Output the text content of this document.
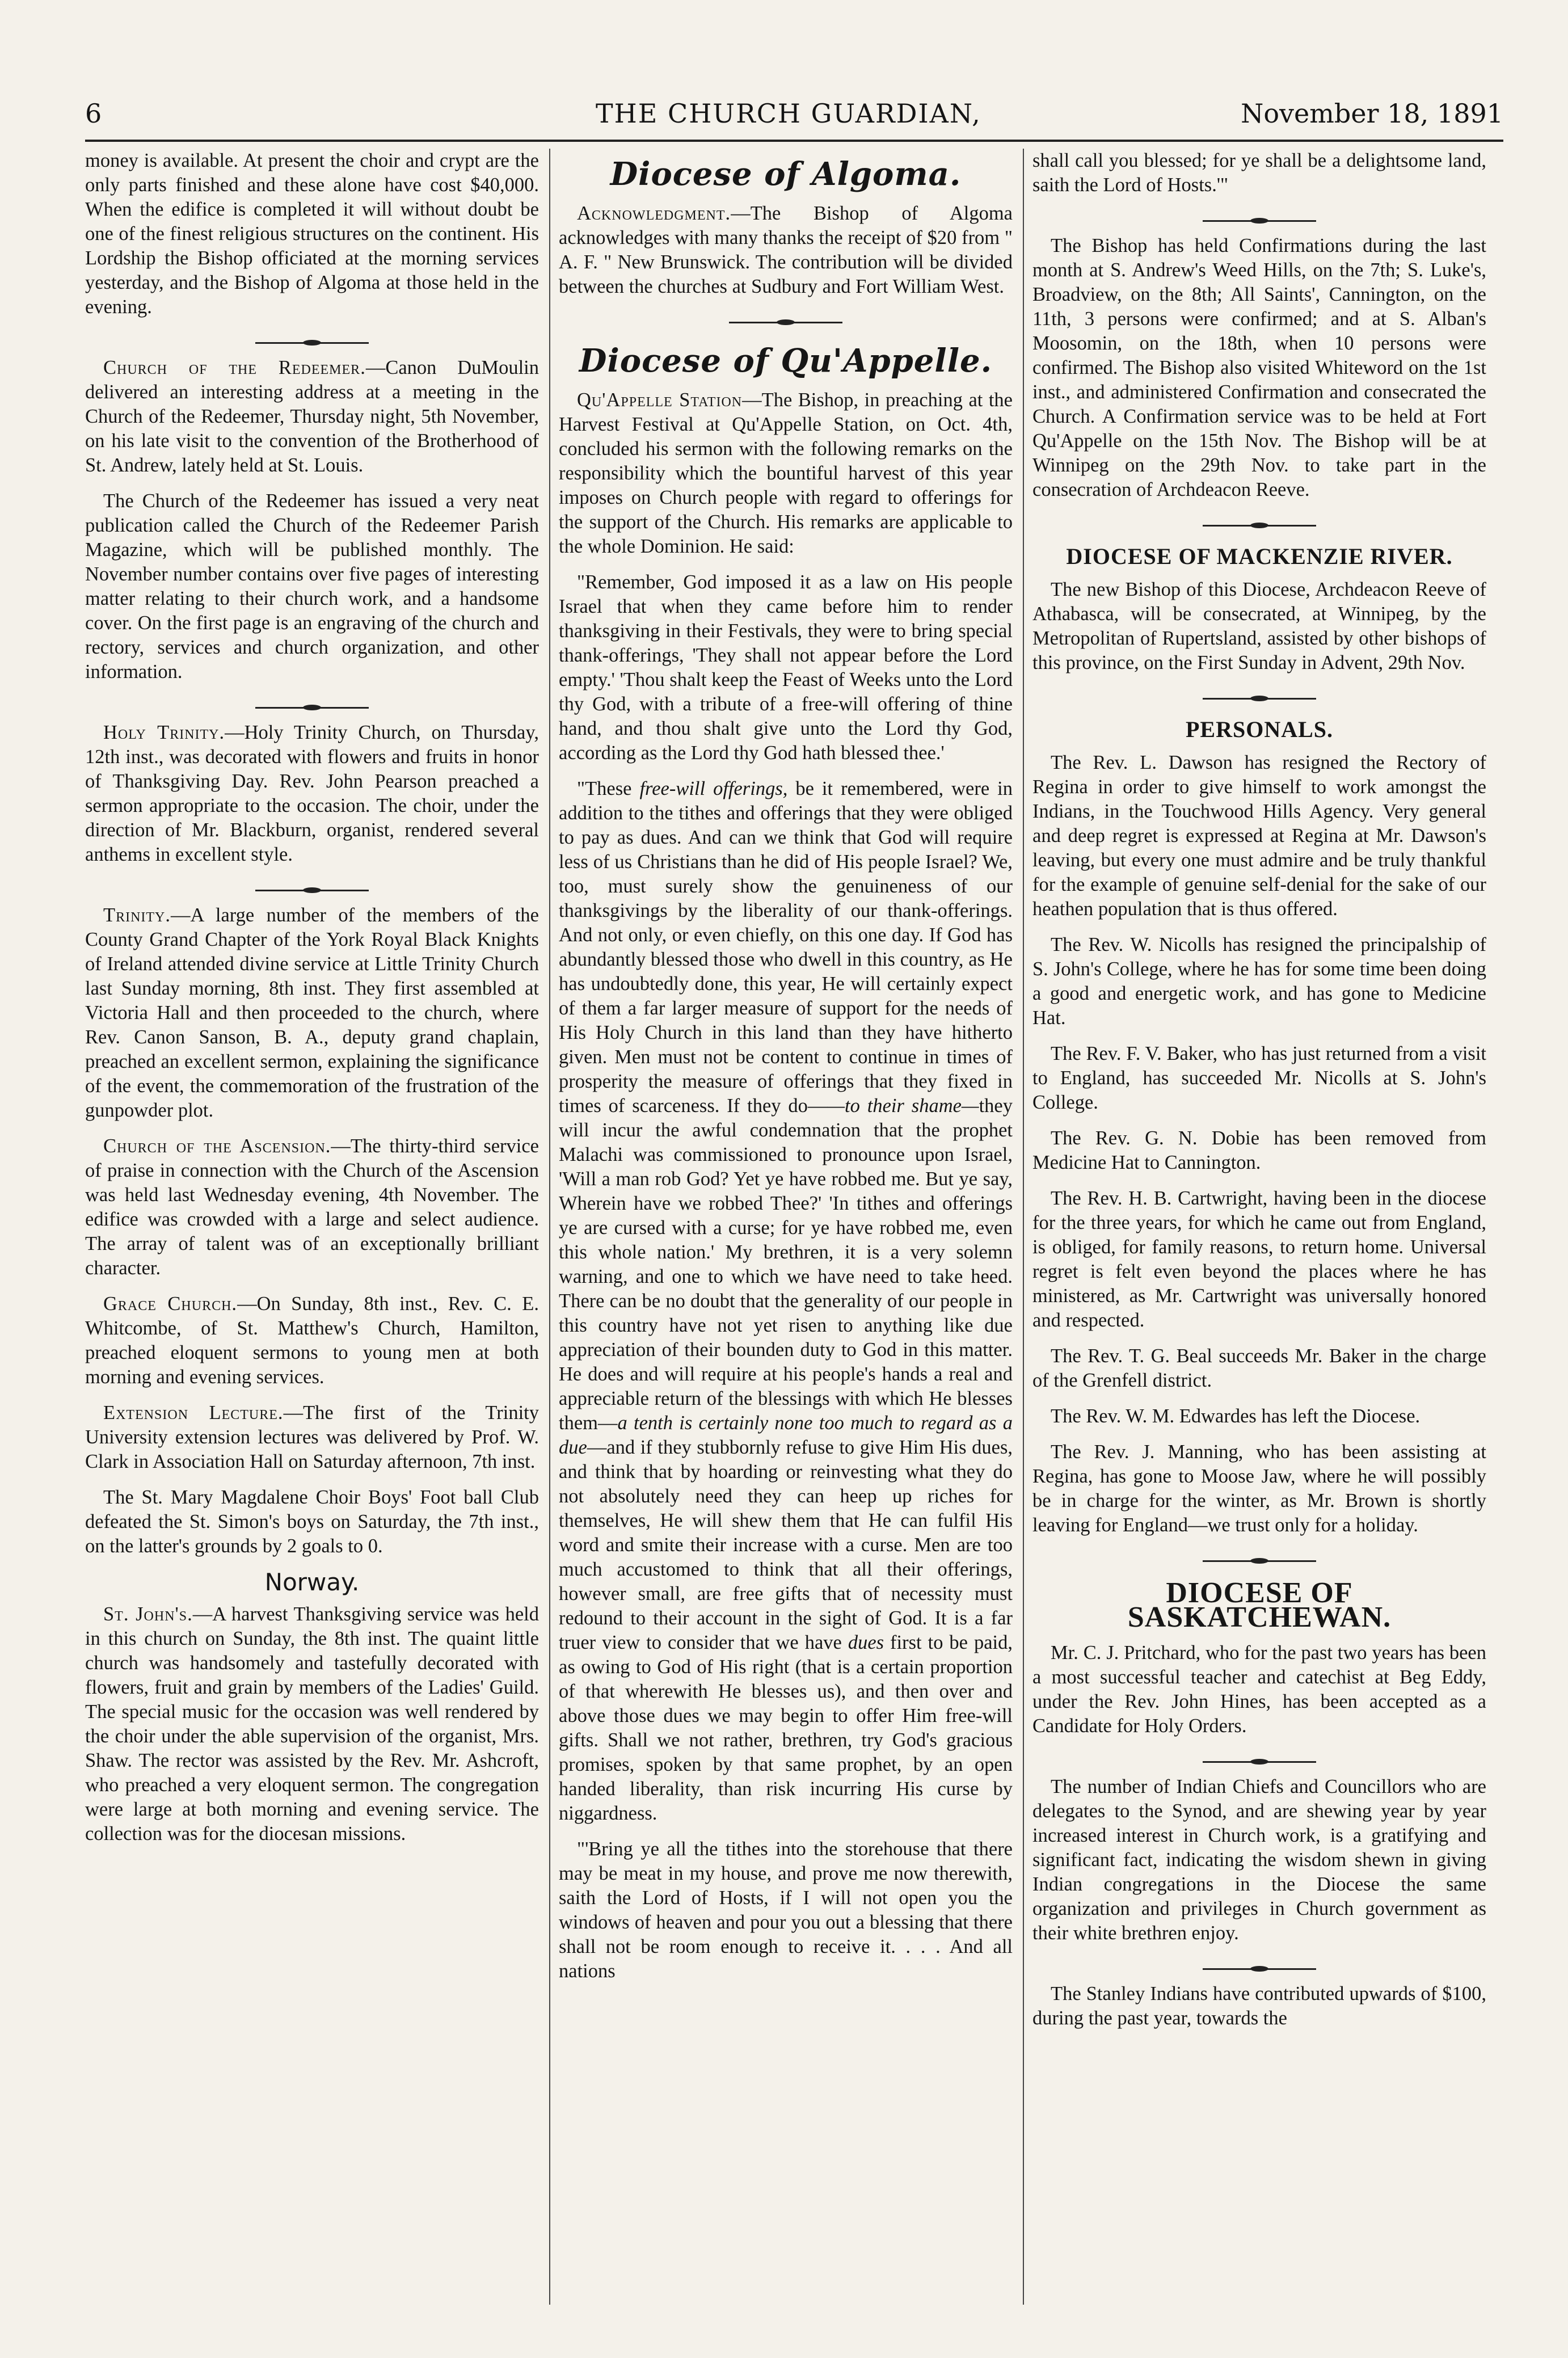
6	THE CHURCH GUARDIAN,	November 18, 1891

money is available. At present the choir and crypt are the only parts finished and these alone have cost $40,000. When the edifice is completed it will without doubt be one of the finest religious structures on the continent. His Lordship the Bishop officiated at the morning services yesterday, and the Bishop of Algoma at those held in the evening.

Church of the Redeemer.—Canon DuMoulin delivered an interesting address at a meeting in the Church of the Redeemer, Thursday night, 5th November, on his late visit to the convention of the Brotherhood of St. Andrew, lately held at St. Louis.

The Church of the Redeemer has issued a very neat publication called the Church of the Redeemer Parish Magazine, which will be published monthly. The November number contains over five pages of interesting matter relating to their church work, and a handsome cover. On the first page is an engraving of the church and rectory, services and church organization, and other information.

Holy Trinity.—Holy Trinity Church, on Thursday, 12th inst., was decorated with flowers and fruits in honor of Thanksgiving Day. Rev. John Pearson preached a sermon appropriate to the occasion. The choir, under the direction of Mr. Blackburn, organist, rendered several anthems in excellent style.

Trinity.—A large number of the members of the County Grand Chapter of the York Royal Black Knights of Ireland attended divine service at Little Trinity Church last Sunday morning, 8th inst. They first assembled at Victoria Hall and then proceeded to the church, where Rev. Canon Sanson, B. A., deputy grand chaplain, preached an excellent sermon, explaining the significance of the event, the commemoration of the frustration of the gunpowder plot.

Church of the Ascension.—The thirty-third service of praise in connection with the Church of the Ascension was held last Wednesday evening, 4th November. The edifice was crowded with a large and select audience. The array of talent was of an exceptionally brilliant character.

Grace Church.—On Sunday, 8th inst., Rev. C. E. Whitcombe, of St. Matthew's Church, Hamilton, preached eloquent sermons to young men at both morning and evening services.

Extension Lecture.—The first of the Trinity University extension lectures was delivered by Prof. W. Clark in Association Hall on Saturday afternoon, 7th inst.

The St. Mary Magdalene Choir Boys' Foot ball Club defeated the St. Simon's boys on Saturday, the 7th inst., on the latter's grounds by 2 goals to 0.

Norway.

St. John's.—A harvest Thanksgiving service was held in this church on Sunday, the 8th inst. The quaint little church was handsomely and tastefully decorated with flowers, fruit and grain by members of the Ladies' Guild. The special music for the occasion was well rendered by the choir under the able supervision of the organist, Mrs. Shaw. The rector was assisted by the Rev. Mr. Ashcroft, who preached a very eloquent sermon. The congregation were large at both morning and evening service. The collection was for the diocesan missions.

Diocese of Algoma.

Acknowledgment.—The Bishop of Algoma acknowledges with many thanks the receipt of $20 from " A. F. " New Brunswick. The contribution will be divided between the churches at Sudbury and Fort William West.

Diocese of Qu'Appelle.

Qu'Appelle Station—The Bishop, in preaching at the Harvest Festival at Qu'Appelle Station, on Oct. 4th, concluded his sermon with the following remarks on the responsibility which the bountiful harvest of this year imposes on Church people with regard to offerings for the support of the Church. His remarks are applicable to the whole Dominion. He said:

"Remember, God imposed it as a law on His people Israel that when they came before him to render thanksgiving in their Festivals, they were to bring special thank-offerings, 'They shall not appear before the Lord empty.' 'Thou shalt keep the Feast of Weeks unto the Lord thy God, with a tribute of a free-will offering of thine hand, and thou shalt give unto the Lord thy God, according as the Lord thy God hath blessed thee.'

"These free-will offerings, be it remembered, were in addition to the tithes and offerings that they were obliged to pay as dues. And can we think that God will require less of us Christians than he did of His people Israel? We, too, must surely show the genuineness of our thanksgivings by the liberality of our thank-offerings. And not only, or even chiefly, on this one day. If God has abundantly blessed those who dwell in this country, as He has undoubtedly done, this year, He will certainly expect of them a far larger measure of support for the needs of His Holy Church in this land than they have hitherto given. Men must not be content to continue in times of prosperity the measure of offerings that they fixed in times of scarceness. If they do——to their shame—they will incur the awful condemnation that the prophet Malachi was commissioned to pronounce upon Israel, 'Will a man rob God? Yet ye have robbed me. But ye say, Wherein have we robbed Thee?' 'In tithes and offerings ye are cursed with a curse; for ye have robbed me, even this whole nation.' My brethren, it is a very solemn warning, and one to which we have need to take heed. There can be no doubt that the generality of our people in this country have not yet risen to anything like due appreciation of their bounden duty to God in this matter. He does and will require at his people's hands a real and appreciable return of the blessings with which He blesses them—a tenth is certainly none too much to regard as a due—and if they stubbornly refuse to give Him His dues, and think that by hoarding or reinvesting what they do not absolutely need they can heep up riches for themselves, He will shew them that He can fulfil His word and smite their increase with a curse. Men are too much accustomed to think that all their offerings, however small, are free gifts that of necessity must redound to their account in the sight of God. It is a far truer view to consider that we have dues first to be paid, as owing to God of His right (that is a certain proportion of that wherewith He blesses us), and then over and above those dues we may begin to offer Him free-will gifts. Shall we not rather, brethren, try God's gracious promises, spoken by that same prophet, by an open handed liberality, than risk incurring His curse by niggardness.

"'Bring ye all the tithes into the storehouse that there may be meat in my house, and prove me now therewith, saith the Lord of Hosts, if I will not open you the windows of heaven and pour you out a blessing that there shall not be room enough to receive it. . . . And all nations

shall call you blessed; for ye shall be a delightsome land, saith the Lord of Hosts.'"

The Bishop has held Confirmations during the last month at S. Andrew's Weed Hills, on the 7th; S. Luke's, Broadview, on the 8th; All Saints', Cannington, on the 11th, 3 persons were confirmed; and at S. Alban's Moosomin, on the 18th, when 10 persons were confirmed. The Bishop also visited Whiteword on the 1st inst., and administered Confirmation and consecrated the Church. A Confirmation service was to be held at Fort Qu'Appelle on the 15th Nov. The Bishop will be at Winnipeg on the 29th Nov. to take part in the consecration of Archdeacon Reeve.

DIOCESE OF MACKENZIE RIVER.

The new Bishop of this Diocese, Archdeacon Reeve of Athabasca, will be consecrated, at Winnipeg, by the Metropolitan of Rupertsland, assisted by other bishops of this province, on the First Sunday in Advent, 29th Nov.

PERSONALS.

The Rev. L. Dawson has resigned the Rectory of Regina in order to give himself to work amongst the Indians, in the Touchwood Hills Agency. Very general and deep regret is expressed at Regina at Mr. Dawson's leaving, but every one must admire and be truly thankful for the example of genuine self-denial for the sake of our heathen population that is thus offered.

The Rev. W. Nicolls has resigned the principalship of S. John's College, where he has for some time been doing a good and energetic work, and has gone to Medicine Hat.

The Rev. F. V. Baker, who has just returned from a visit to England, has succeeded Mr. Nicolls at S. John's College.

The Rev. G. N. Dobie has been removed from Medicine Hat to Cannington.

The Rev. H. B. Cartwright, having been in the diocese for the three years, for which he came out from England, is obliged, for family reasons, to return home. Universal regret is felt even beyond the places where he has ministered, as Mr. Cartwright was universally honored and respected.

The Rev. T. G. Beal succeeds Mr. Baker in the charge of the Grenfell district.

The Rev. W. M. Edwardes has left the Diocese.

The Rev. J. Manning, who has been assisting at Regina, has gone to Moose Jaw, where he will possibly be in charge for the winter, as Mr. Brown is shortly leaving for England—we trust only for a holiday.

DIOCESE OF SASKATCHEWAN.

Mr. C. J. Pritchard, who for the past two years has been a most successful teacher and catechist at Beg Eddy, under the Rev. John Hines, has been accepted as a Candidate for Holy Orders.

The number of Indian Chiefs and Councillors who are delegates to the Synod, and are shewing year by year increased interest in Church work, is a gratifying and significant fact, indicating the wisdom shewn in giving Indian congregations in the Diocese the same organization and privileges in Church government as their white brethren enjoy.

The Stanley Indians have contributed upwards of $100, during the past year, towards the
